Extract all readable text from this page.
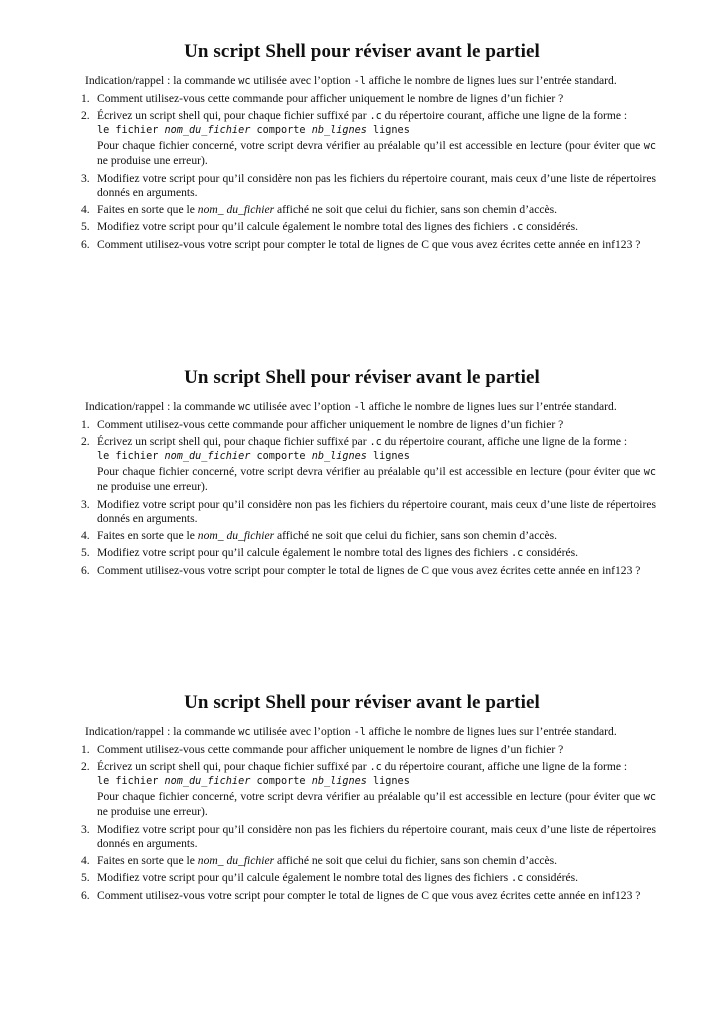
Un script Shell pour réviser avant le partiel

Indication/rappel : la commande wc utilisée avec l’option -l affiche le nombre de lignes lues sur l’entrée standard.

1. Comment utilisez-vous cette commande pour afficher uniquement le nombre de lignes d’un fichier ?
2. Écrivez un script shell qui, pour chaque fichier suffixé par .c du répertoire courant, affiche une ligne de la forme :
le fichier nom_du_fichier comporte nb_lignes lignes
Pour chaque fichier concerné, votre script devra vérifier au préalable qu’il est accessible en lecture (pour éviter que wc ne produise une erreur).
3. Modifiez votre script pour qu’il considère non pas les fichiers du répertoire courant, mais ceux d’une liste de répertoires donnés en arguments.
4. Faites en sorte que le nom_ du_fichier affiché ne soit que celui du fichier, sans son chemin d’accès.
5. Modifiez votre script pour qu’il calcule également le nombre total des lignes des fichiers .c considérés.
6. Comment utilisez-vous votre script pour compter le total de lignes de C que vous avez écrites cette année en inf123 ?
Un script Shell pour réviser avant le partiel

Indication/rappel : la commande wc utilisée avec l’option -l affiche le nombre de lignes lues sur l’entrée standard.

1. Comment utilisez-vous cette commande pour afficher uniquement le nombre de lignes d’un fichier ?
2. Écrivez un script shell qui, pour chaque fichier suffixé par .c du répertoire courant, affiche une ligne de la forme :
le fichier nom_du_fichier comporte nb_lignes lignes
Pour chaque fichier concerné, votre script devra vérifier au préalable qu’il est accessible en lecture (pour éviter que wc ne produise une erreur).
3. Modifiez votre script pour qu’il considère non pas les fichiers du répertoire courant, mais ceux d’une liste de répertoires donnés en arguments.
4. Faites en sorte que le nom_ du_fichier affiché ne soit que celui du fichier, sans son chemin d’accès.
5. Modifiez votre script pour qu’il calcule également le nombre total des lignes des fichiers .c considérés.
6. Comment utilisez-vous votre script pour compter le total de lignes de C que vous avez écrites cette année en inf123 ?
Un script Shell pour réviser avant le partiel

Indication/rappel : la commande wc utilisée avec l’option -l affiche le nombre de lignes lues sur l’entrée standard.

1. Comment utilisez-vous cette commande pour afficher uniquement le nombre de lignes d’un fichier ?
2. Écrivez un script shell qui, pour chaque fichier suffixé par .c du répertoire courant, affiche une ligne de la forme :
le fichier nom_du_fichier comporte nb_lignes lignes
Pour chaque fichier concerné, votre script devra vérifier au préalable qu’il est accessible en lecture (pour éviter que wc ne produise une erreur).
3. Modifiez votre script pour qu’il considère non pas les fichiers du répertoire courant, mais ceux d’une liste de répertoires donnés en arguments.
4. Faites en sorte que le nom_ du_fichier affiché ne soit que celui du fichier, sans son chemin d’accès.
5. Modifiez votre script pour qu’il calcule également le nombre total des lignes des fichiers .c considérés.
6. Comment utilisez-vous votre script pour compter le total de lignes de C que vous avez écrites cette année en inf123 ?
